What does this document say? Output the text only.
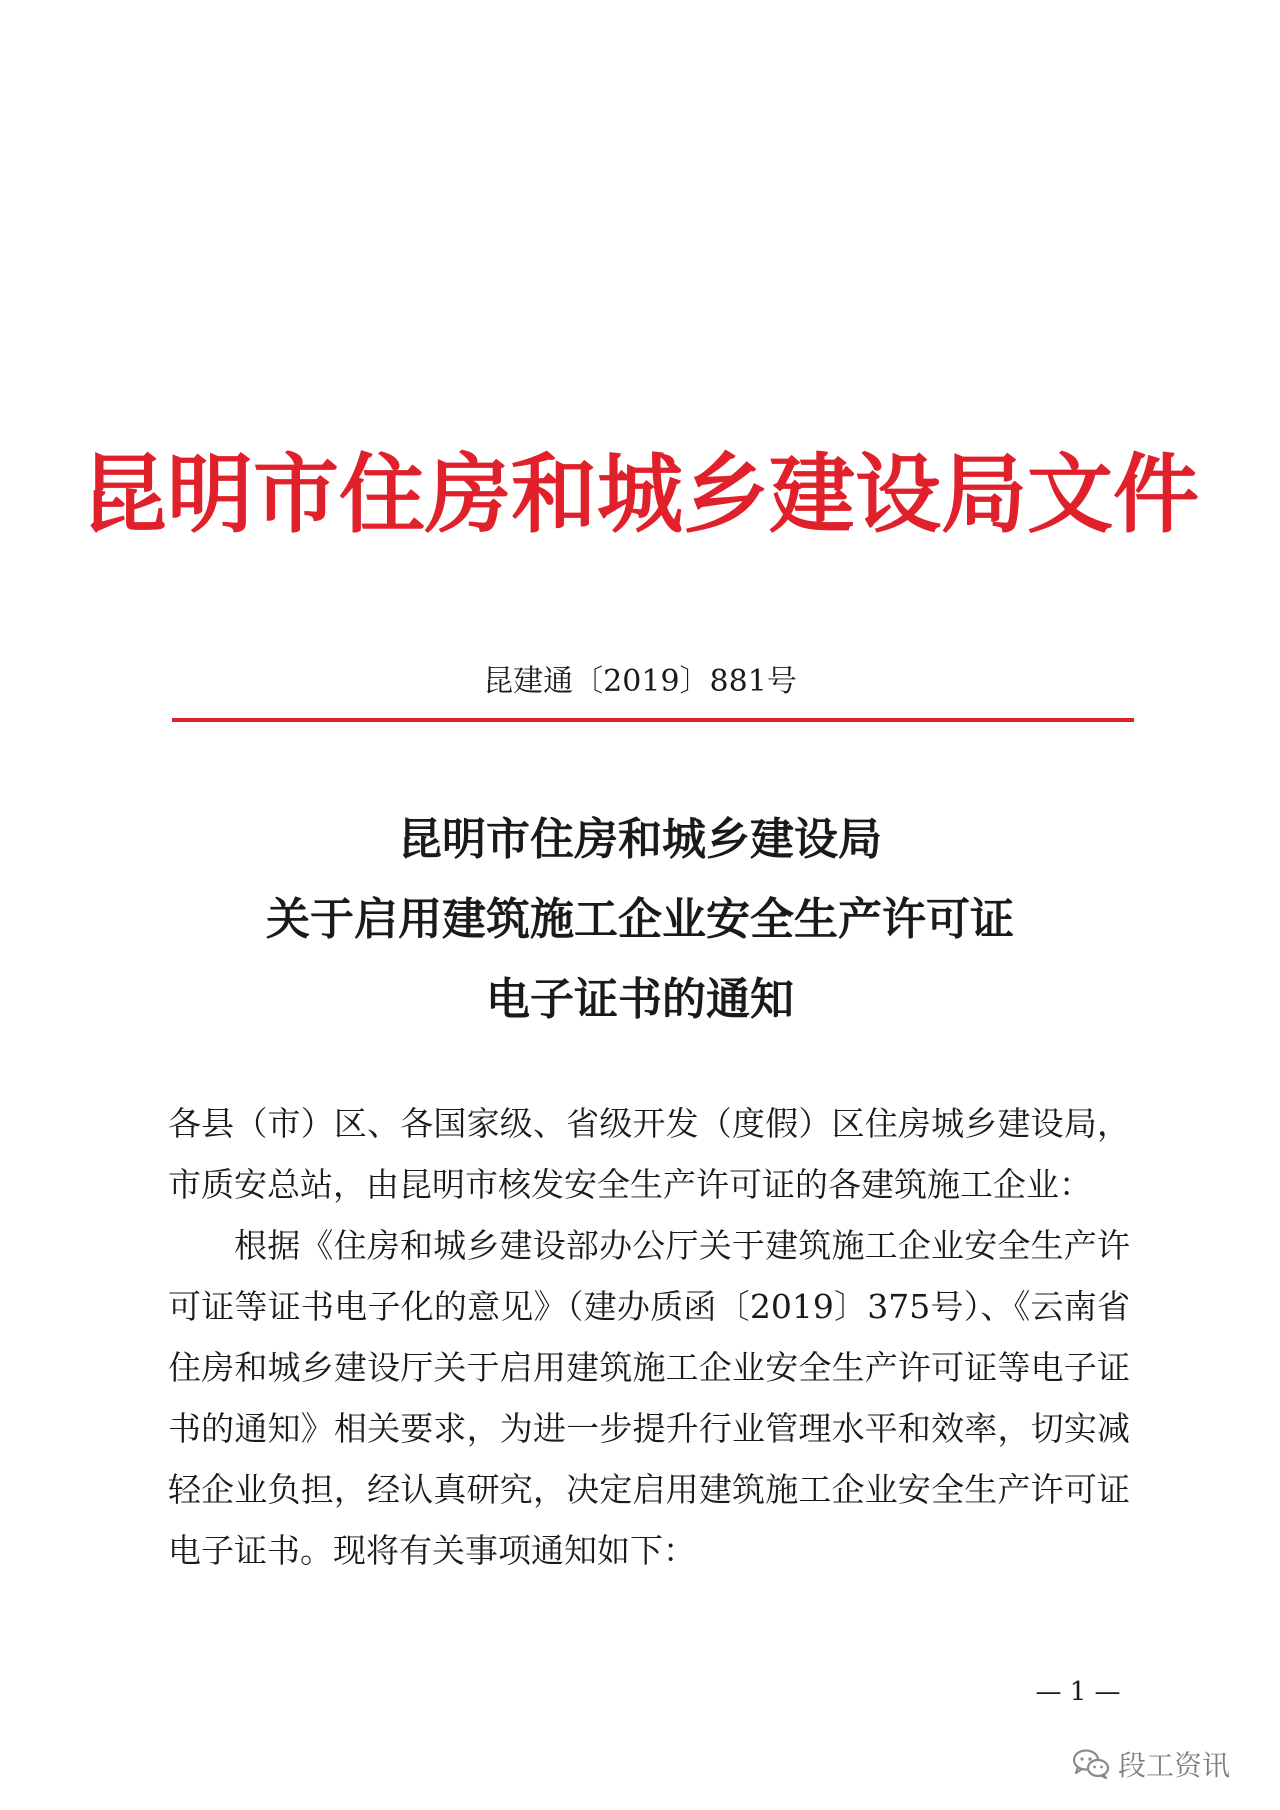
昆明市住房和城乡建设局文件
昆建通〔2019〕881号
昆明市住房和城乡建设局
关于启用建筑施工企业安全生产许可证
电子证书的通知

各县（市）区、各国家级、省级开发（度假）区住房城乡建设局，市质安总站，由昆明市核发安全生产许可证的各建筑施工企业：

根据《住房和城乡建设部办公厅关于建筑施工企业安全生产许可证等证书电子化的意见》（建办质函〔2019〕375号）、《云南省住房和城乡建设厅关于启用建筑施工企业安全生产许可证等电子证书的通知》相关要求，为进一步提升行业管理水平和效率，切实减轻企业负担，经认真研究，决定启用建筑施工企业安全生产许可证电子证书。现将有关事项通知如下：

— 1 —
段工资讯
